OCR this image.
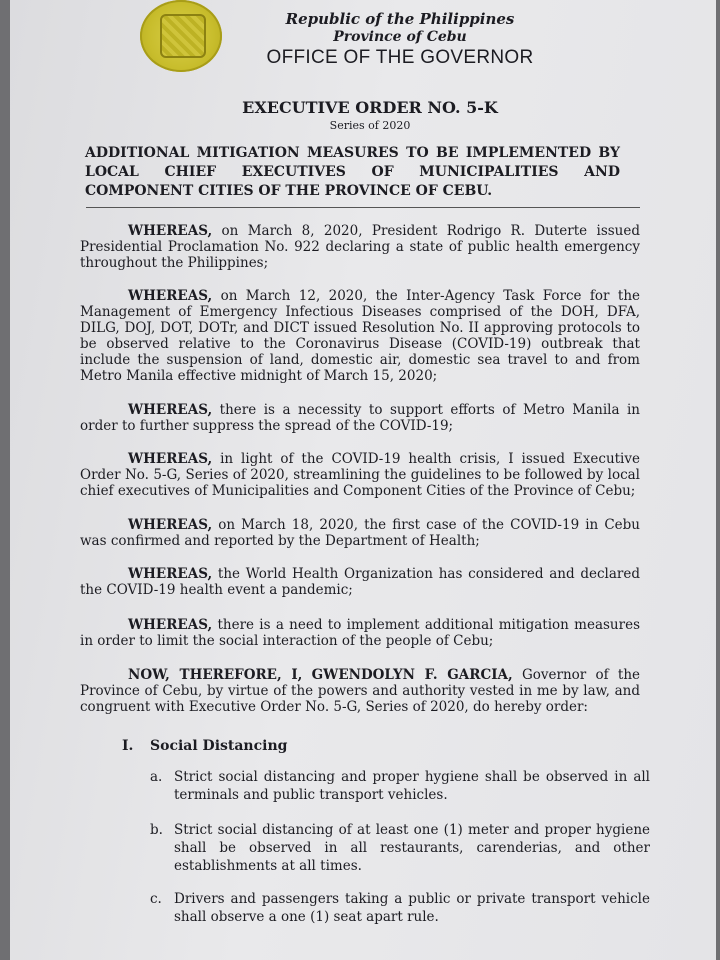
Republic of the Philippines
Province of Cebu
OFFICE OF THE GOVERNOR
EXECUTIVE ORDER NO. 5-K
Series of 2020
ADDITIONAL MITIGATION MEASURES TO BE IMPLEMENTED BY
LOCAL CHIEF EXECUTIVES OF MUNICIPALITIES AND
COMPONENT CITIES OF THE PROVINCE OF CEBU.
WHEREAS, on March 8, 2020, President Rodrigo R. Duterte issued Presidential Proclamation No. 922 declaring a state of public health emergency throughout the Philippines;
WHEREAS, on March 12, 2020, the Inter-Agency Task Force for the Management of Emergency Infectious Diseases comprised of the DOH, DFA, DILG, DOJ, DOT, DOTr, and DICT issued Resolution No. II approving protocols to be observed relative to the Coronavirus Disease (COVID-19) outbreak that include the suspension of land, domestic air, domestic sea travel to and from Metro Manila effective midnight of March 15, 2020;
WHEREAS, there is a necessity to support efforts of Metro Manila in order to further suppress the spread of the COVID-19;
WHEREAS, in light of the COVID-19 health crisis, I issued Executive Order No. 5-G, Series of 2020, streamlining the guidelines to be followed by local chief executives of Municipalities and Component Cities of the Province of Cebu;
WHEREAS, on March 18, 2020, the first case of the COVID-19 in Cebu was confirmed and reported by the Department of Health;
WHEREAS, the World Health Organization has considered and declared the COVID-19 health event a pandemic;
WHEREAS, there is a need to implement additional mitigation measures in order to limit the social interaction of the people of Cebu;
NOW, THEREFORE, I, GWENDOLYN F. GARCIA, Governor of the Province of Cebu, by virtue of the powers and authority vested in me by law, and congruent with Executive Order No. 5-G, Series of 2020, do hereby order:
I. Social Distancing
a. Strict social distancing and proper hygiene shall be observed in all terminals and public transport vehicles.
b. Strict social distancing of at least one (1) meter and proper hygiene shall be observed in all restaurants, carenderias, and other establishments at all times.
c. Drivers and passengers taking a public or private transport vehicle shall observe a one (1) seat apart rule.
